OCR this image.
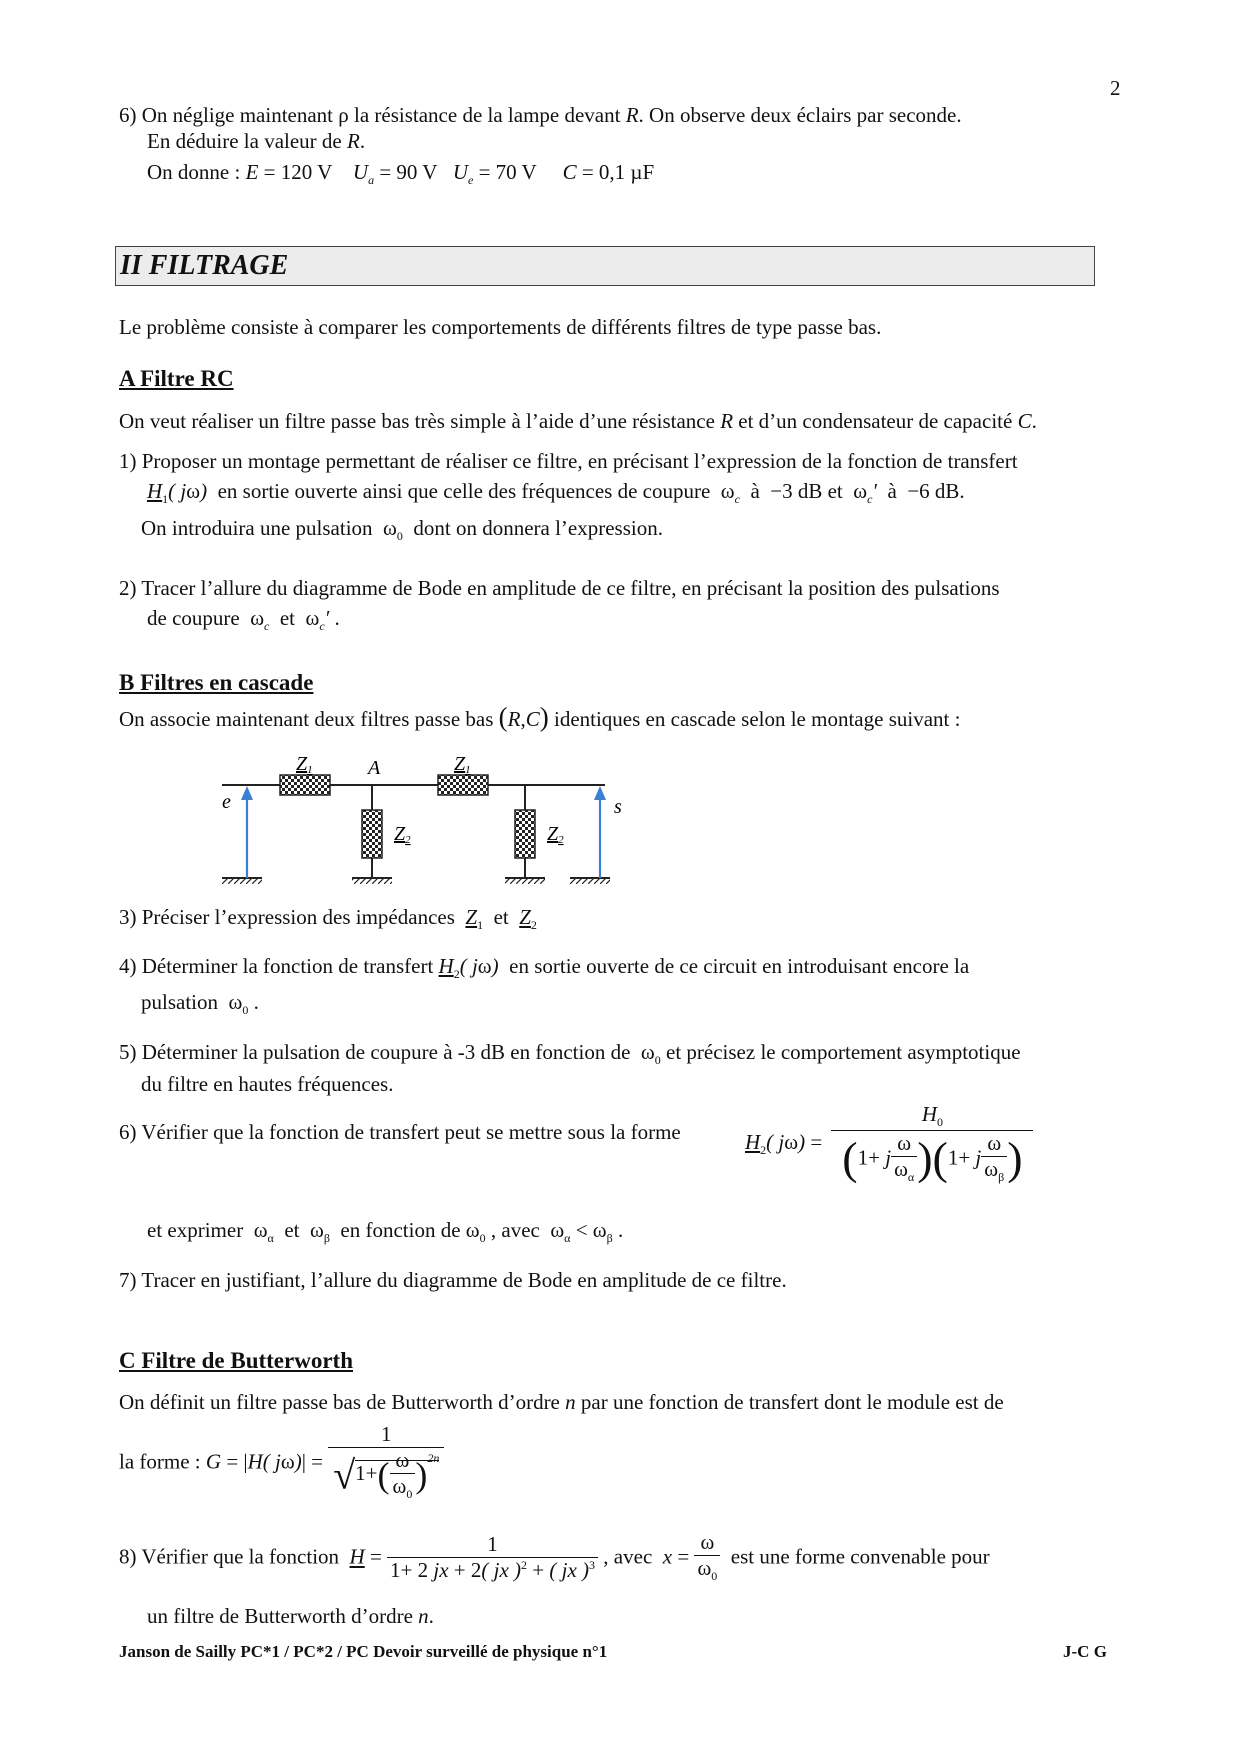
2
6) On néglige maintenant ρ la résistance de la lampe devant R. On observe deux éclairs par seconde.
En déduire la valeur de R.
On donne : E = 120 V    $U_a = 90$ V   $U_e = 70$ V     C = 0,1 µF
II FILTRAGE
Le problème consiste à comparer les comportements de différents filtres de type passe bas.
A Filtre RC
On veut réaliser un filtre passe bas très simple à l’aide d’une résistance R et d’un condensateur de capacité C.
1) Proposer un montage permettant de réaliser ce filtre, en précisant l’expression de la fonction de transfert
$H_1$( jω)  en sortie ouverte ainsi que celle des fréquences de coupure  $\omega_c$  à  −3 dB et  $\omega_c'$  à  −6 dB.
On introduira une pulsation  $\omega_0$  dont on donnera l’expression.
2) Tracer l’allure du diagramme de Bode en amplitude de ce filtre, en précisant la position des pulsations
de coupure  $\omega_c$  et  $\omega_c'$ .
B Filtres en cascade
On associe maintenant deux filtres passe bas (R,C) identiques en cascade selon le montage suivant :
Z1	A	Z1
Z2	Z2
e	s
3) Préciser l’expression des impédances  $Z_1$  et  $Z_2$
4) Déterminer la fonction de transfert $H_2$( jω)  en sortie ouverte de ce circuit en introduisant encore la
pulsation  $\omega_0$ .
5) Déterminer la pulsation de coupure à -3 dB en fonction de  $\omega_0$ et précisez le comportement asymptotique
du filtre en hautes fréquences.
6) Vérifier que la fonction de transfert peut se mettre sous la forme	$H_2$( $j\omega) = \frac{H_0}{(1+ j \frac{\omega}{\omega_\alpha} )(1+ j \frac{\omega}{\omega_\beta} )}$
et exprimer  $\omega_\alpha$  et  $\omega_\beta$  en fonction de $\omega_0$ , avec  $\omega_\alpha < \omega_\beta$ .
7) Tracer en justifiant, l’allure du diagramme de Bode en amplitude de ce filtre.
C Filtre de Butterworth
On définit un filtre passe bas de Butterworth d’ordre n par une fonction de transfert dont le module est de
la forme : G = |H( $j\omega)| = \frac{1}{√1+( \frac{\omega}{\omega_0} )^{2n}}$
8) Vérifier que la fonction $H = \frac{1}{1+ 2 jx + 2( jx )^2 + ( jx )^3}$ , avec $x = \frac{\omega}{\omega_0}$ est une forme convenable pour
un filtre de Butterworth d’ordre n.
Janson de Sailly PC*1 / PC*2 / PC Devoir surveillé de physique n°1	J-C G
